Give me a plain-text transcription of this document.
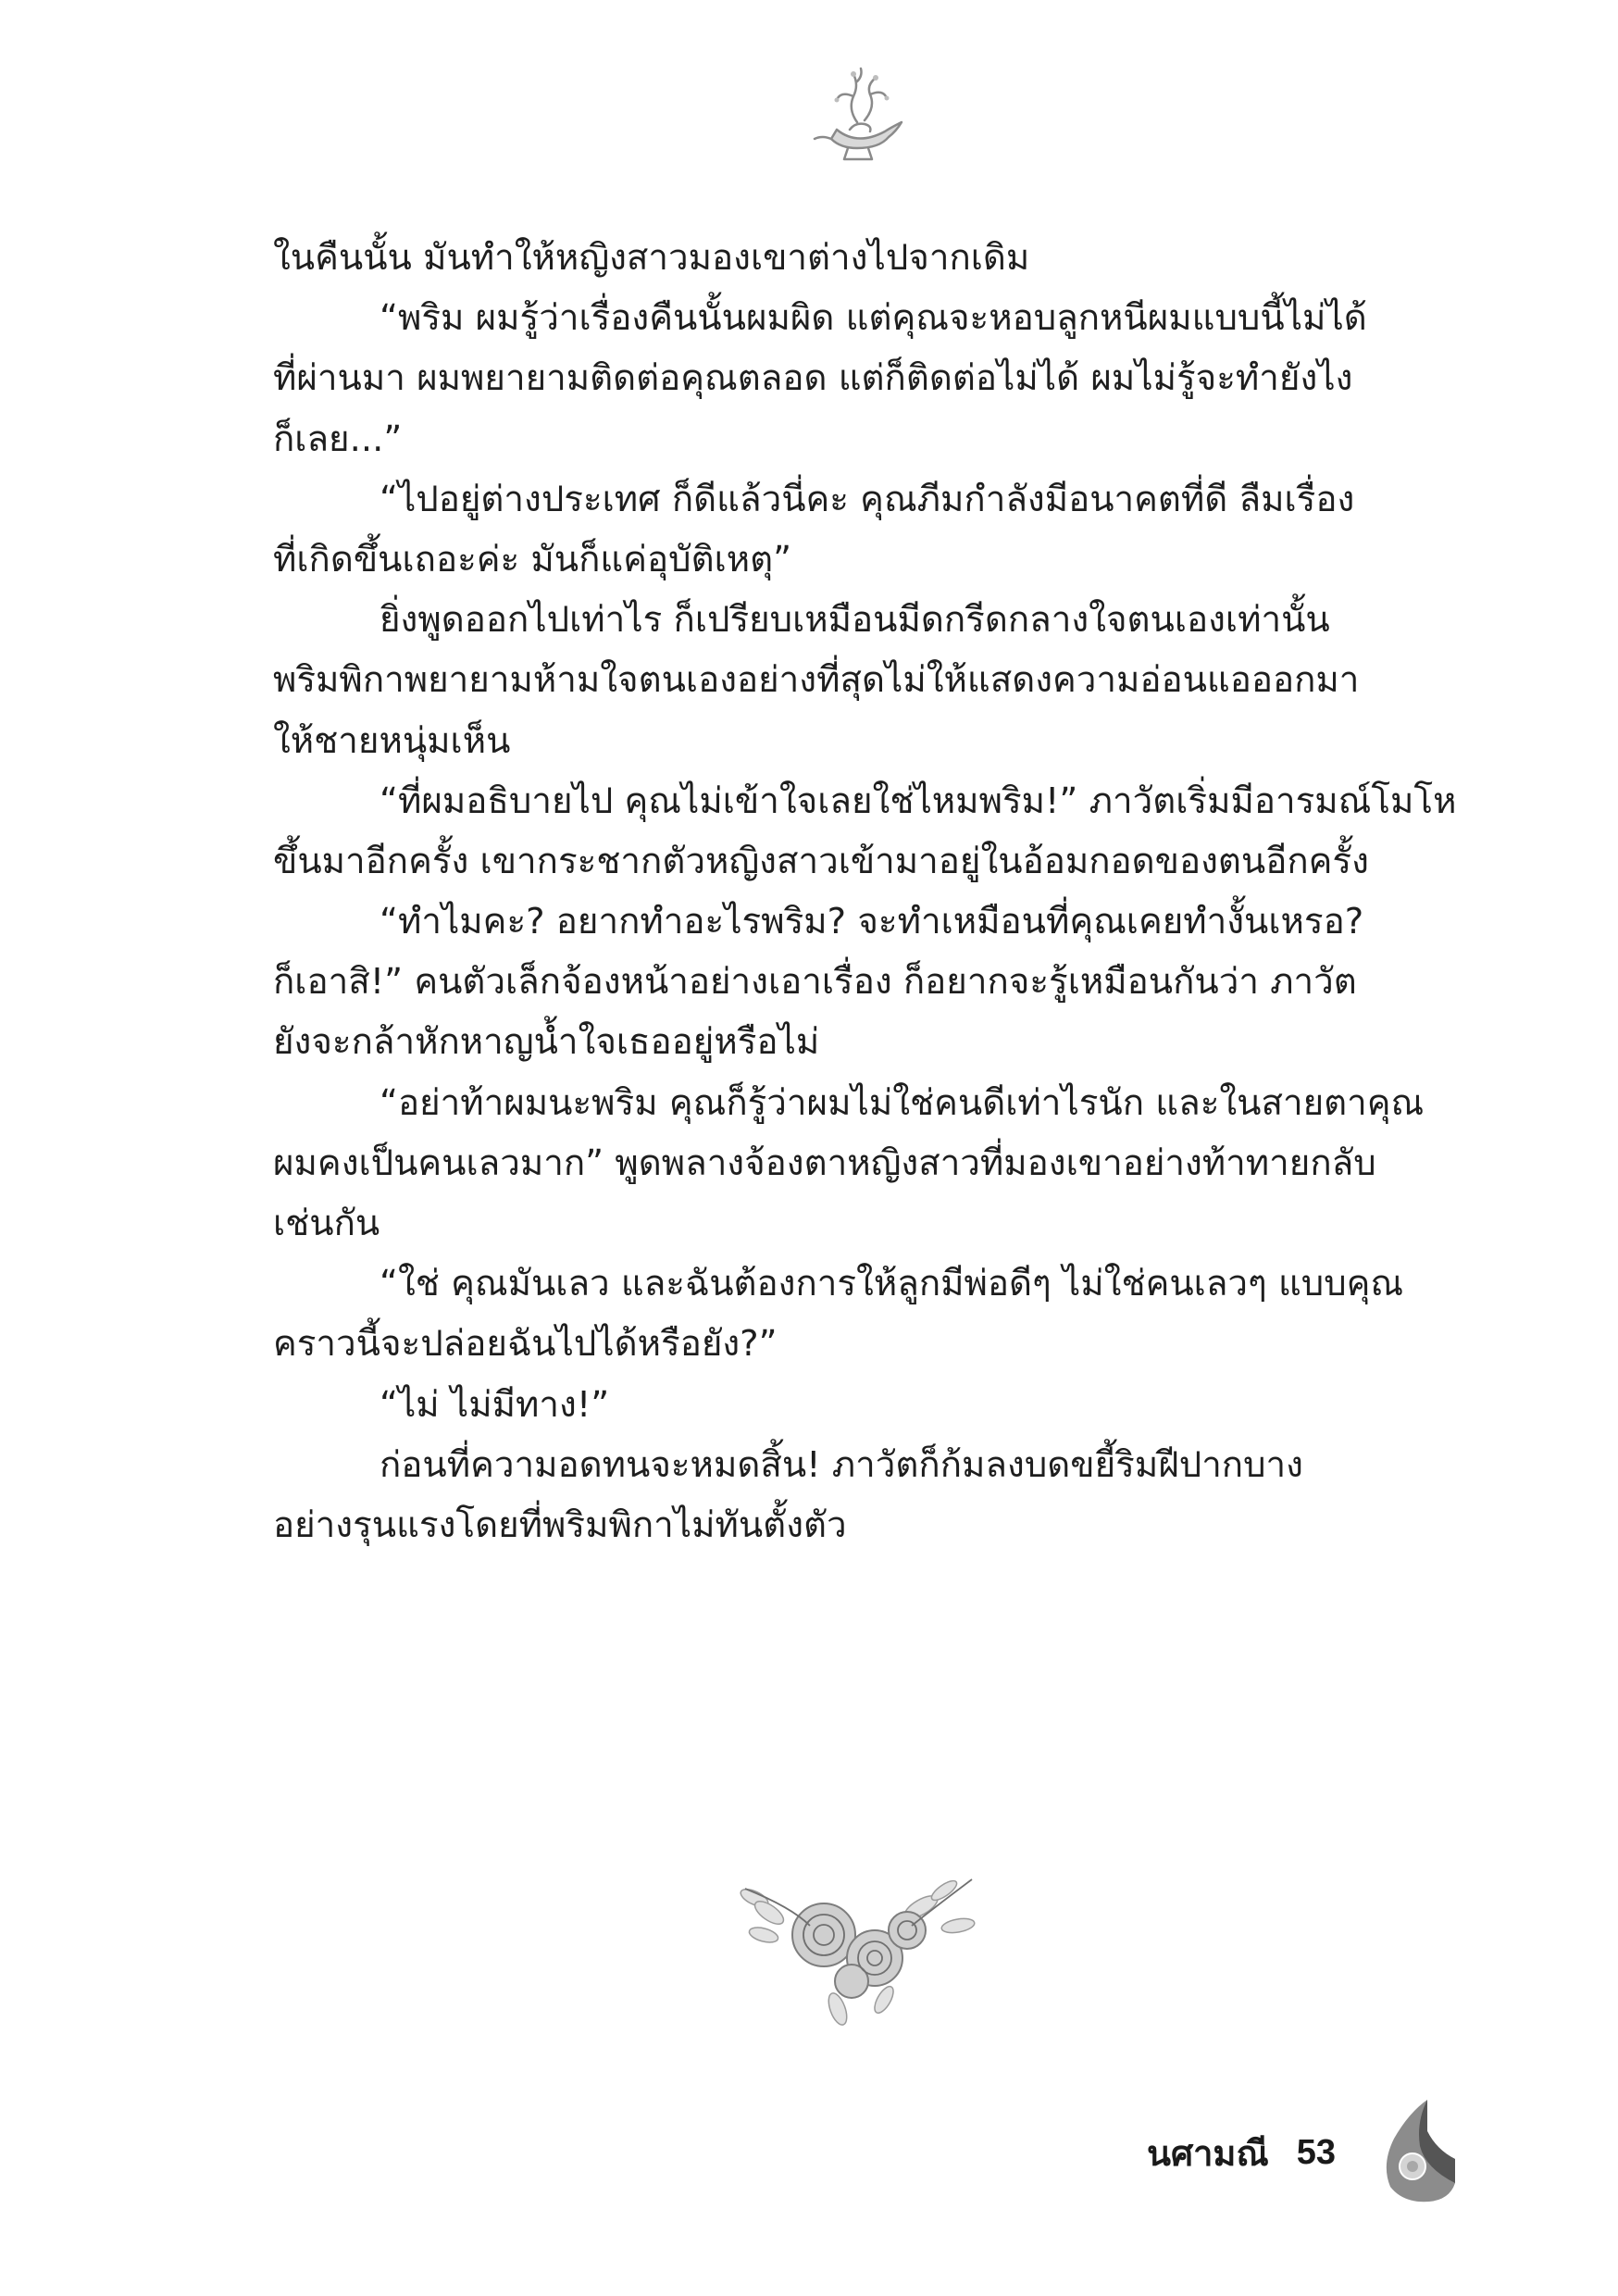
ในคืนนั้น มันทำให้หญิงสาวมองเขาต่างไปจากเดิม
“พริม ผมรู้ว่าเรื่องคืนนั้นผมผิด แต่คุณจะหอบลูกหนีผมแบบนี้ไม่ได้
ที่ผ่านมา ผมพยายามติดต่อคุณตลอด แต่ก็ติดต่อไม่ได้ ผมไม่รู้จะทำยังไง
ก็เลย...”
“ไปอยู่ต่างประเทศ ก็ดีแล้วนี่คะ คุณภีมกำลังมีอนาคตที่ดี ลืมเรื่อง
ที่เกิดขึ้นเถอะค่ะ มันก็แค่อุบัติเหตุ”
ยิ่งพูดออกไปเท่าไร ก็เปรียบเหมือนมีดกรีดกลางใจตนเองเท่านั้น
พริมพิกาพยายามห้ามใจตนเองอย่างที่สุดไม่ให้แสดงความอ่อนแอออกมา
ให้ชายหนุ่มเห็น
“ที่ผมอธิบายไป คุณไม่เข้าใจเลยใช่ไหมพริม!” ภาวัตเริ่มมีอารมณ์โมโห
ขึ้นมาอีกครั้ง เขากระชากตัวหญิงสาวเข้ามาอยู่ในอ้อมกอดของตนอีกครั้ง
“ทำไมคะ? อยากทำอะไรพริม? จะทำเหมือนที่คุณเคยทำงั้นเหรอ?
ก็เอาสิ!” คนตัวเล็กจ้องหน้าอย่างเอาเรื่อง ก็อยากจะรู้เหมือนกันว่า ภาวัต
ยังจะกล้าหักหาญน้ำใจเธออยู่หรือไม่
“อย่าท้าผมนะพริม คุณก็รู้ว่าผมไม่ใช่คนดีเท่าไรนัก และในสายตาคุณ
ผมคงเป็นคนเลวมาก” พูดพลางจ้องตาหญิงสาวที่มองเขาอย่างท้าทายกลับ
เช่นกัน
“ใช่ คุณมันเลว และฉันต้องการให้ลูกมีพ่อดีๆ ไม่ใช่คนเลวๆ แบบคุณ
คราวนี้จะปล่อยฉันไปได้หรือยัง?”
“ไม่ ไม่มีทาง!”
ก่อนที่ความอดทนจะหมดสิ้น! ภาวัตก็ก้มลงบดขยี้ริมฝีปากบาง
อย่างรุนแรงโดยที่พริมพิกาไม่ทันตั้งตัว
นศามณี 53
